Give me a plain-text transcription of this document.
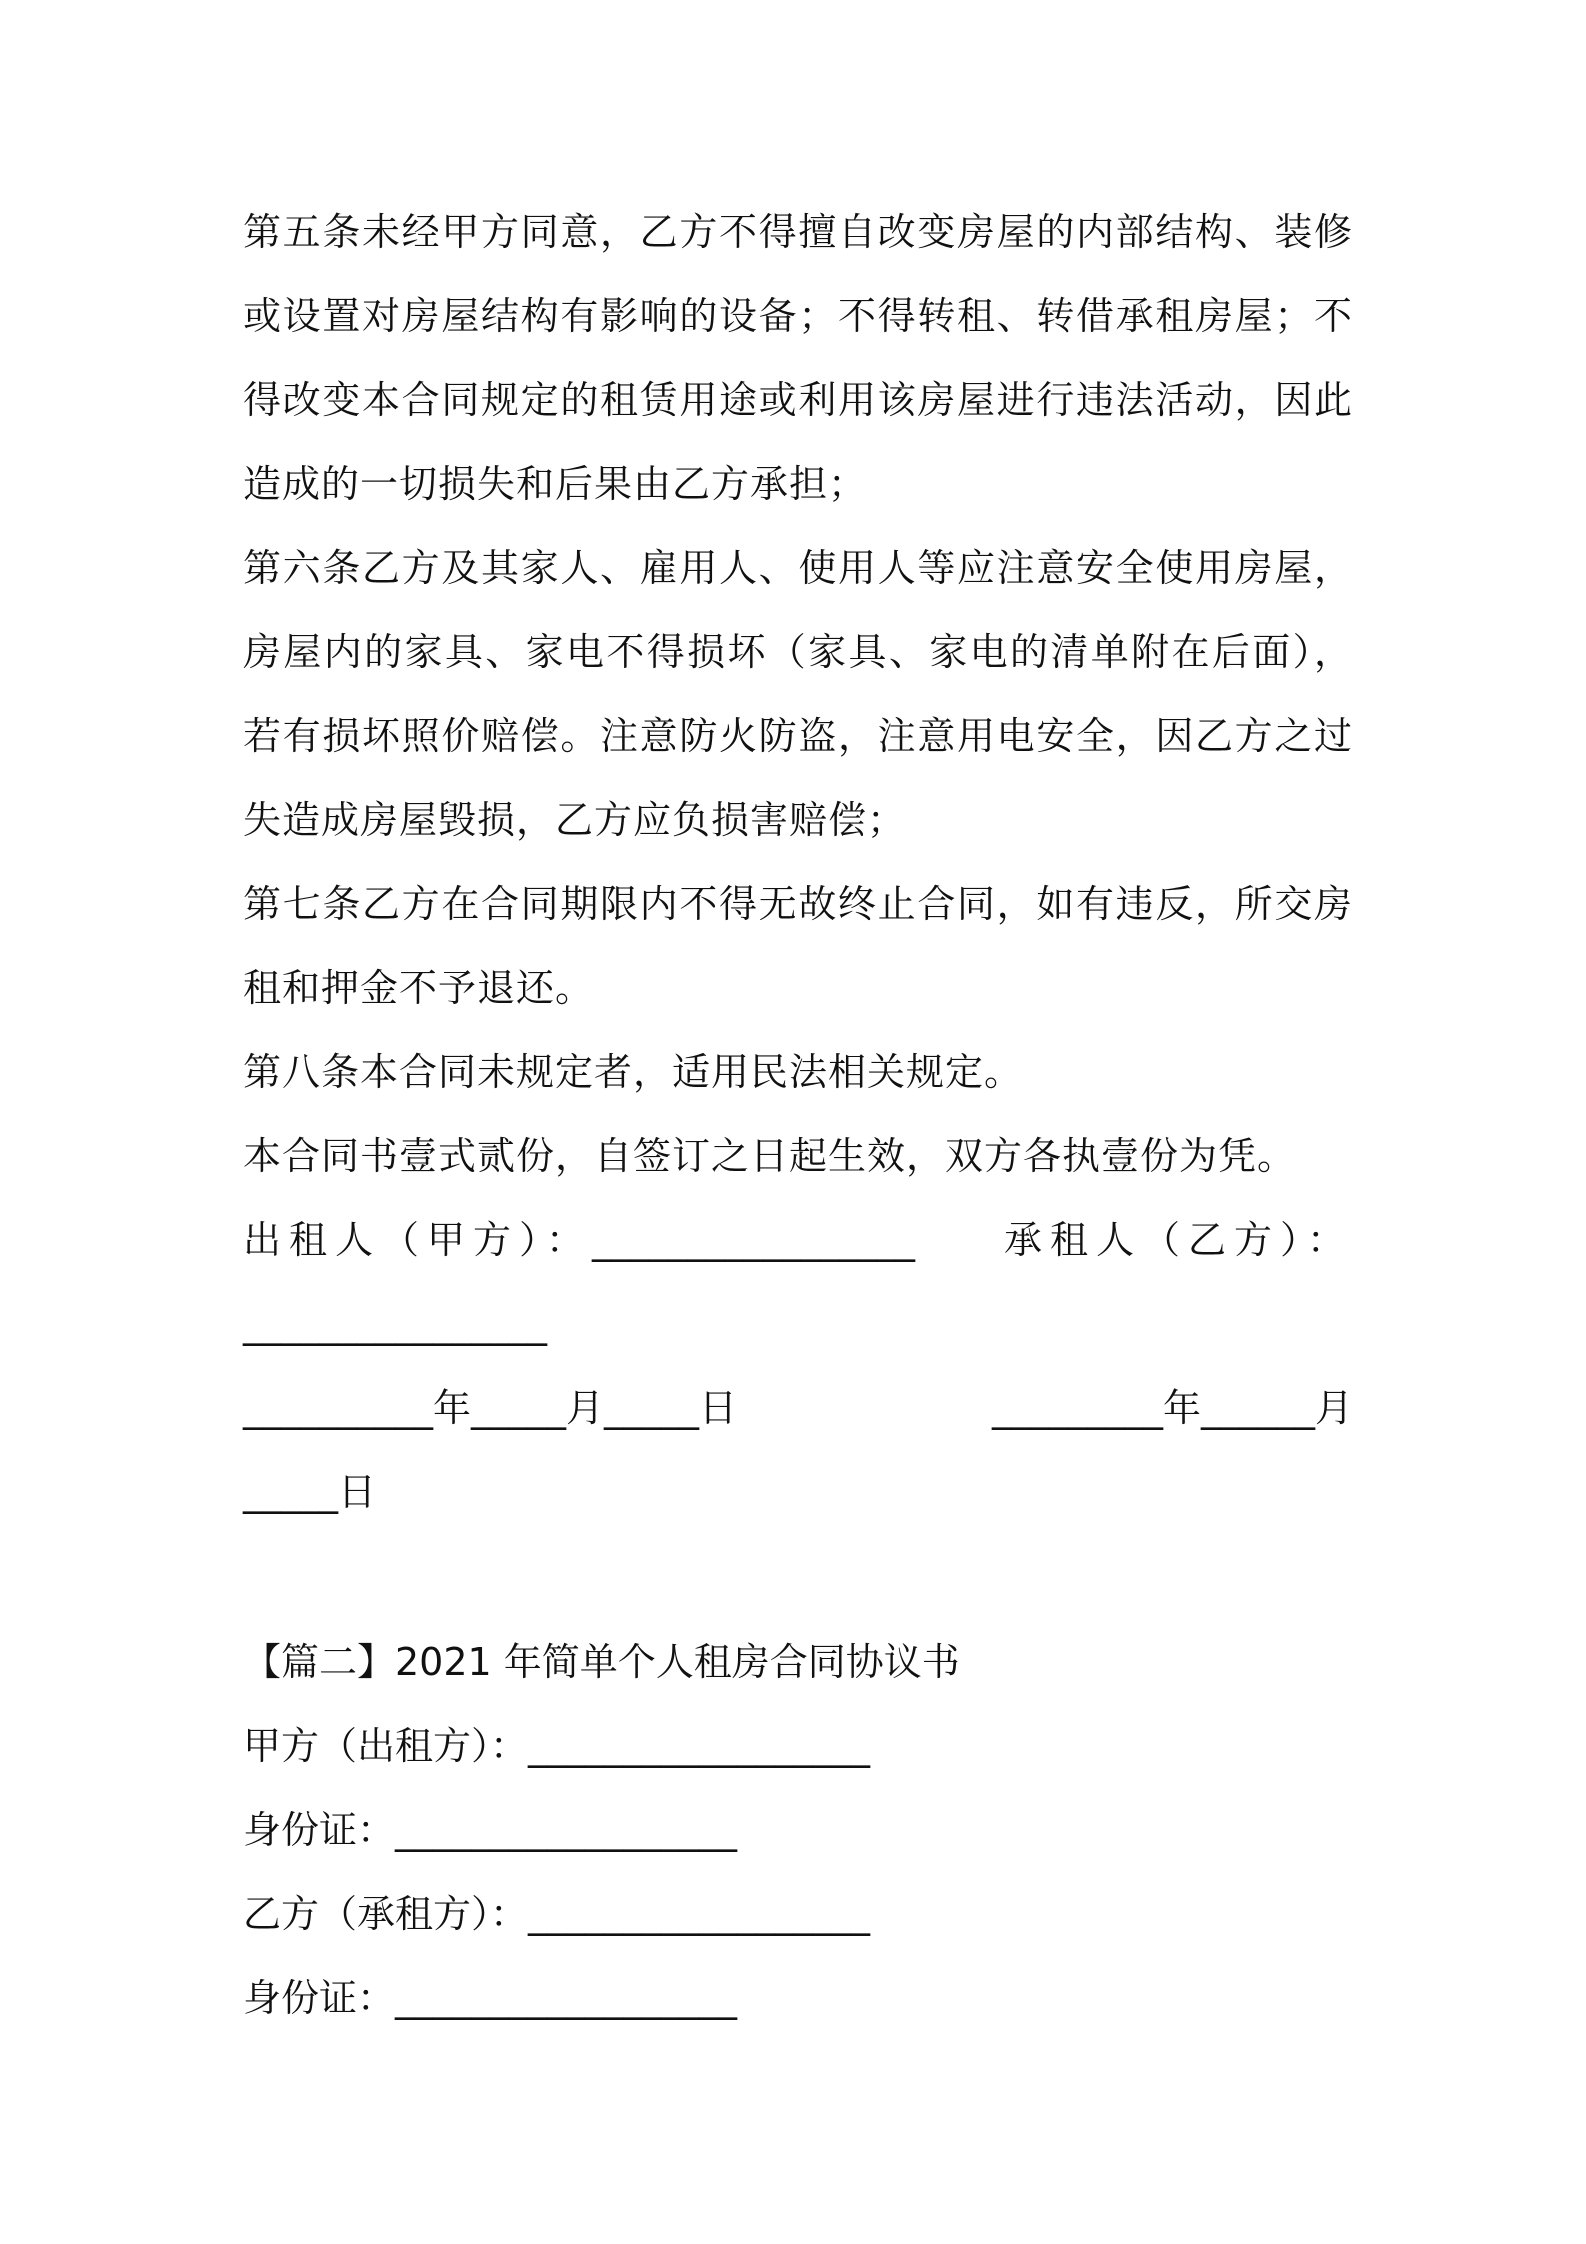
第五条未经甲方同意，乙方不得擅自改变房屋的内部结构、装修或设置对房屋结构有影响的设备；不得转租、转借承租房屋；不得改变本合同规定的租赁用途或利用该房屋进行违法活动，因此造成的一切损失和后果由乙方承担；

第六条乙方及其家人、雇用人、使用人等应注意安全使用房屋，房屋内的家具、家电不得损坏（家具、家电的清单附在后面），若有损坏照价赔偿。注意防火防盗，注意用电安全，因乙方之过失造成房屋毁损，乙方应负损害赔偿；

第七条乙方在合同期限内不得无故终止合同，如有违反，所交房租和押金不予退还。

第八条本合同未规定者，适用民法相关规定。

本合同书壹式贰份，自签订之日起生效，双方各执壹份为凭。

出租人（甲方）：_________________ 承租人（乙方）：
________________
__________年_____月_____日	_________年______月
_____日

【篇二】2021 年简单个人租房合同协议书

甲方（出租方）：__________________
身份证：__________________
乙方（承租方）：__________________
身份证：__________________
